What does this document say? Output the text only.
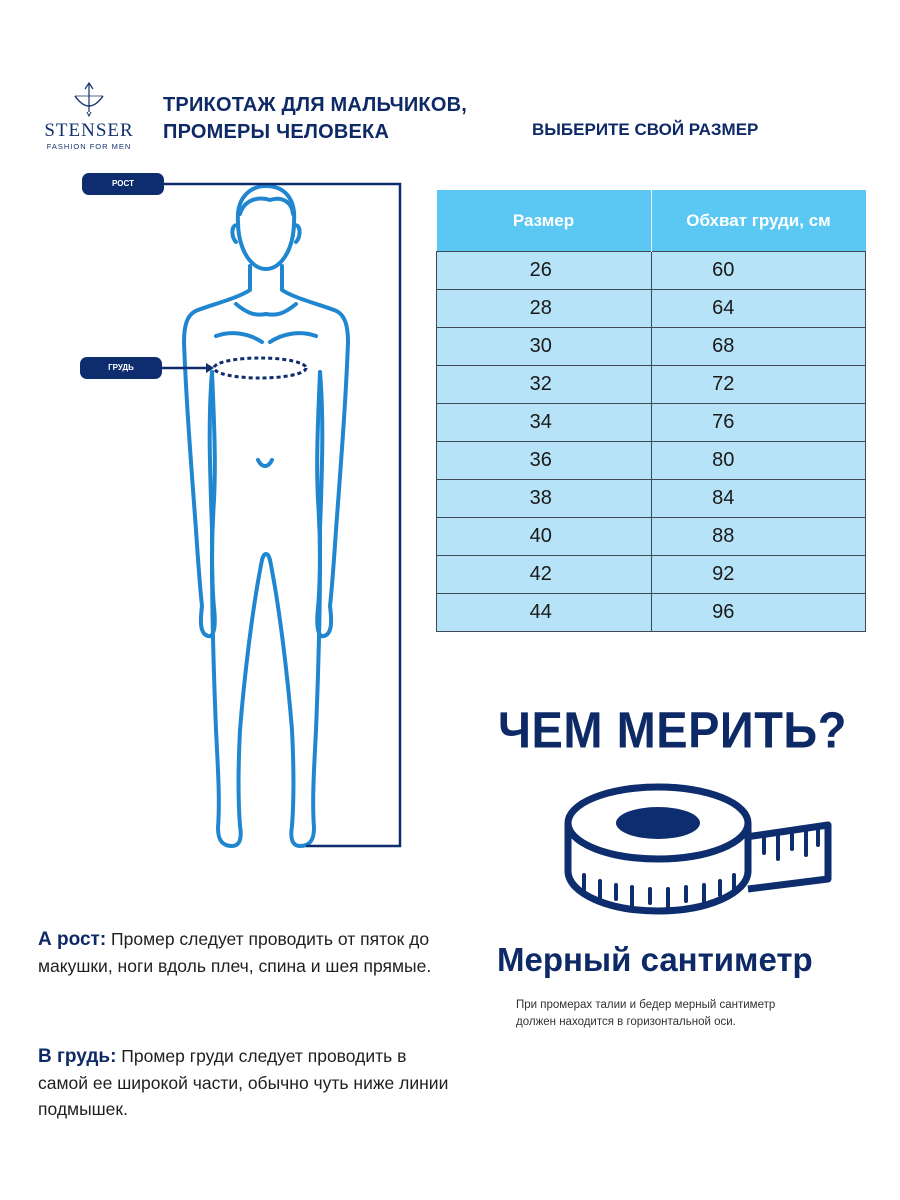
STENSER
FASHION FOR MEN
ТРИКОТАЖ ДЛЯ МАЛЬЧИКОВ,
ПРОМЕРЫ ЧЕЛОВЕКА	ВЫБЕРИТЕ СВОЙ РАЗМЕР
РОСТ
ГРУДЬ
Размер	Обхват груди, см
26	60
28	64
30	68
32	72
34	76
36	80
38	84
40	88
42	92
44	96
ЧЕМ МЕРИТЬ?
Мерный сантиметр
При промерах талии и бедер мерный сантиметр
должен находится в горизонтальной оси.
А рост: Промер следует проводить от пяток до макушки, ноги вдоль плеч, спина и шея прямые.
В грудь: Промер груди следует проводить в самой ее широкой части, обычно чуть ниже линии подмышек.
